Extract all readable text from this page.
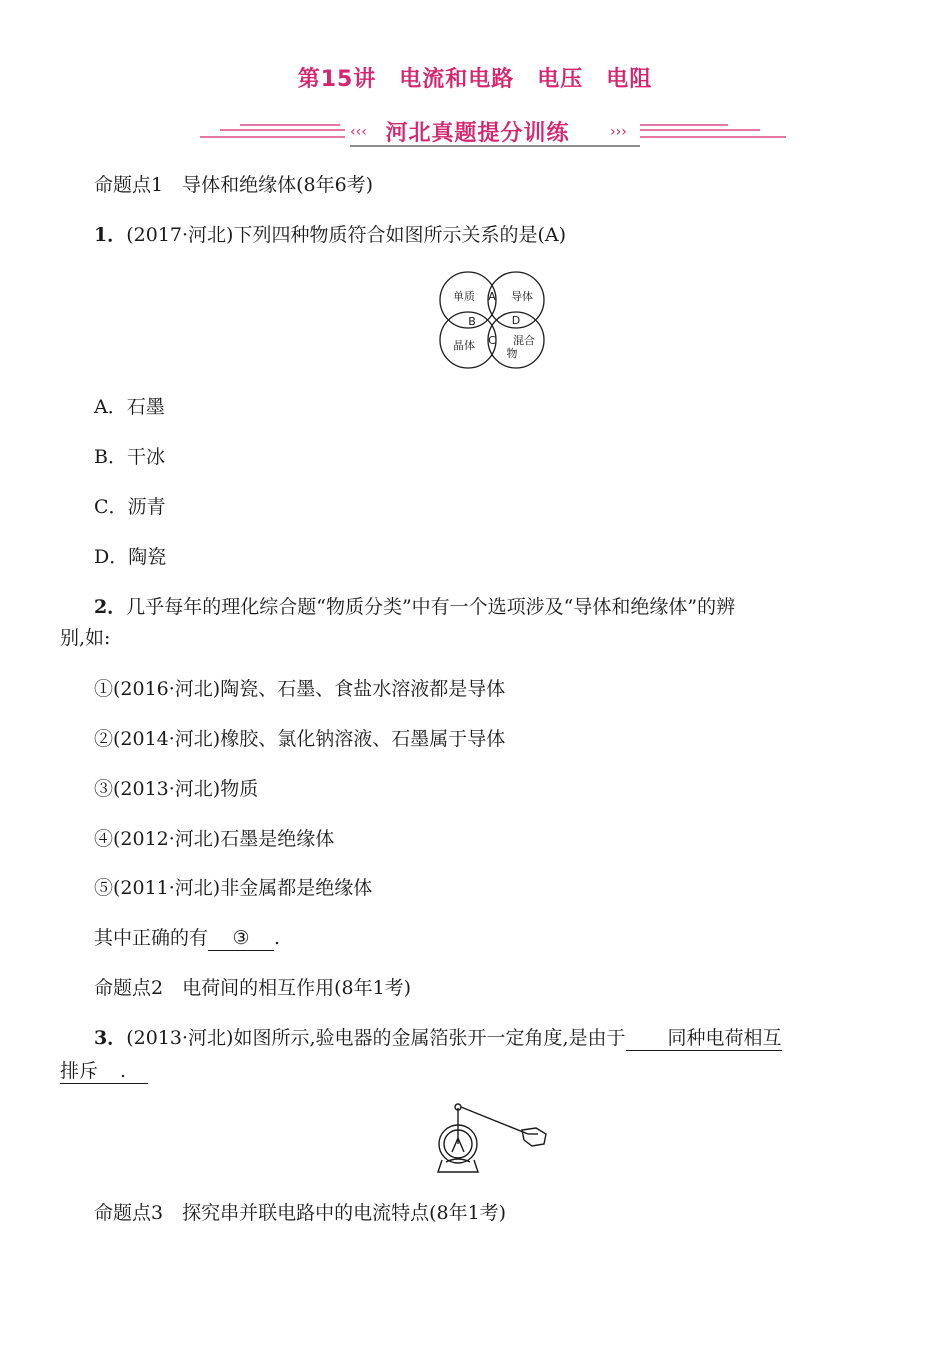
第15讲　电流和电路　电压　电阻
‹‹‹	›››
河北真题提分训练
命题点1　导体和绝缘体(8年6考)
1．(2017·河北)下列四种物质符合如图所示关系的是(A)
单质	导体
晶体	混合
物
A
B
C
D
A．石墨
B．干冰
C．沥青
D．陶瓷
2．几乎每年的理化综合题“物质分类”中有一个选项涉及“导体和绝缘体”的辨
别,如:
①(2016·河北)陶瓷、石墨、食盐水溶液都是导体
②(2014·河北)橡胶、氯化钠溶液、石墨属于导体
③(2013·河北)物质
④(2012·河北)石墨是绝缘体
⑤(2011·河北)非金属都是绝缘体
其中正确的有 ③ .
命题点2　电荷间的相互作用(8年1考)
3．(2013·河北)如图所示,验电器的金属箔张开一定角度,是由于 同种电荷相互
排斥 .
命题点3　探究串并联电路中的电流特点(8年1考)
